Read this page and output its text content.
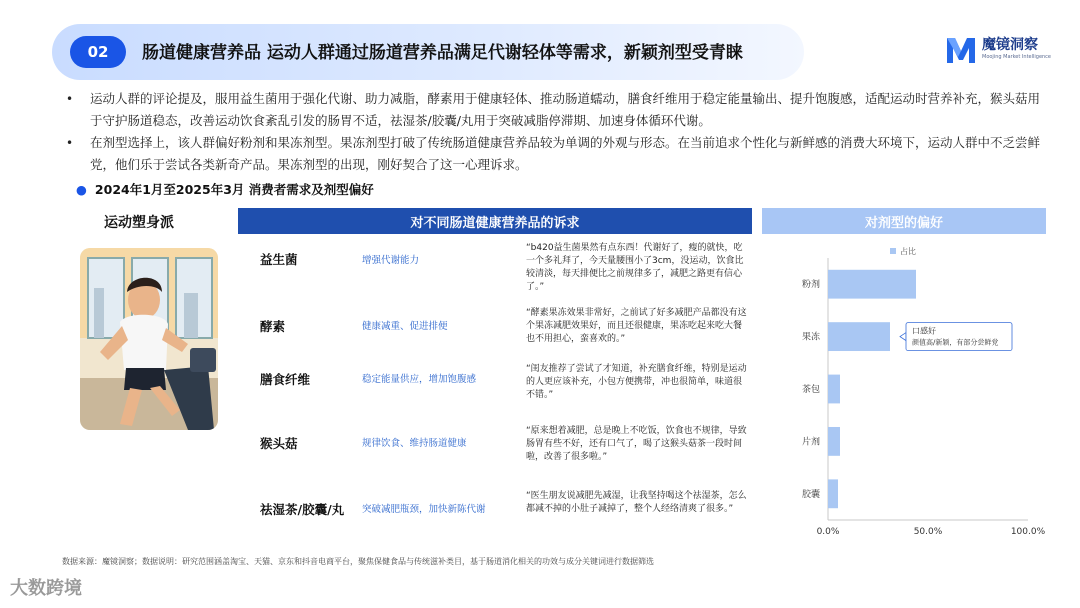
02	肠道健康营养品 运动人群通过肠道营养品满足代谢轻体等需求，新颖剂型受青睐	魔镜洞察
Moojing Market Intelligence
• 运动人群的评论提及，服用益生菌用于强化代谢、助力减脂，酵素用于健康轻体、推动肠道蠕动，膳食纤维用于稳定能量输出、提升饱腹感，适配运动时营养补充，猴头菇用于守护肠道稳态，改善运动饮食紊乱引发的肠胃不适，祛湿茶/胶囊/丸用于突破减脂停滞期、加速身体循环代谢。
• 在剂型选择上，该人群偏好粉剂和果冻剂型。果冻剂型打破了传统肠道健康营养品较为单调的外观与形态。在当前追求个性化与新鲜感的消费大环境下，运动人群中不乏尝鲜党，他们乐于尝试各类新奇产品。果冻剂型的出现，刚好契合了这一心理诉求。
● 2024年1月至2025年3月 消费者需求及剂型偏好
运动塑身派	对不同肠道健康营养品的诉求	对剂型的偏好
益生菌	增强代谢能力
“b420益生菌果然有点东西！代谢好了，瘦的就快，吃一个多礼拜了，今天量腰围小了3cm，没运动，饮食比较清淡，每天排便比之前规律多了，减肥之路更有信心了。”
酵素	健康减重、促进排便
“酵素果冻效果非常好，之前试了好多减肥产品都没有这个果冻减肥效果好，而且还很健康，果冻吃起来吃大餐也不用担心，蛮喜欢的。”
膳食纤维	稳定能量供应，增加饱腹感
“闺友推荐了尝试了才知道，补充膳食纤维，特别是运动的人更应该补充，小包方便携带，冲也很简单，味道很不错。”
猴头菇	规律饮食、维持肠道健康
“原来想着减肥，总是晚上不吃饭，饮食也不规律，导致肠胃有些不好，还有口气了，喝了这猴头菇茶一段时间啦，改善了很多啦。”
祛湿茶/胶囊/丸 突破减肥瓶颈，加快新陈代谢
“医生朋友说减肥先减湿，让我坚持喝这个祛湿茶，怎么都减不掉的小肚子减掉了，整个人经络清爽了很多。”
占比
粉剂
果冻
茶包
片剂
胶囊
0.0%	50.0%	100.0%
口感好
颜值高/新颖，有部分尝鲜党
数据来源：魔镜洞察；数据说明：研究范围涵盖淘宝、天猫、京东和抖音电商平台，聚焦保健食品与传统滋补类目，基于肠道消化相关的功效与成分关键词进行数据筛选
大数跨境
